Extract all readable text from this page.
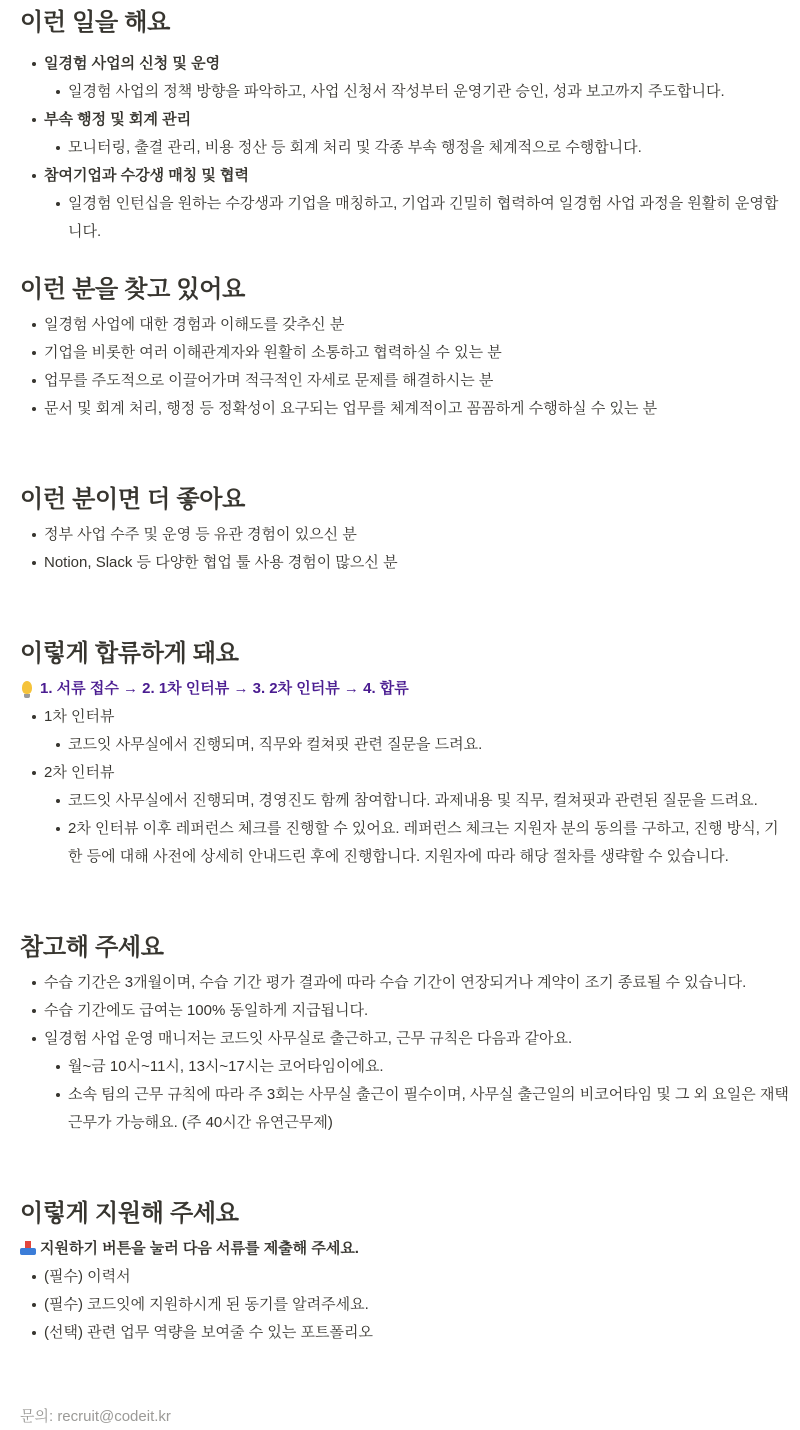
이런 일을 해요
일경험 사업의 신청 및 운영
일경험 사업의 정책 방향을 파악하고, 사업 신청서 작성부터 운영기관 승인, 성과 보고까지 주도합니다.
부속 행정 및 회계 관리
모니터링, 출결 관리, 비용 정산 등 회계 처리 및 각종 부속 행정을 체계적으로 수행합니다.
참여기업과 수강생 매칭 및 협력
일경험 인턴십을 원하는 수강생과 기업을 매칭하고, 기업과 긴밀히 협력하여 일경험 사업 과정을 원활히 운영합니다.
이런 분을 찾고 있어요
일경험 사업에 대한 경험과 이해도를 갖추신 분
기업을 비롯한 여러 이해관계자와 원활히 소통하고 협력하실 수 있는 분
업무를 주도적으로 이끌어가며 적극적인 자세로 문제를 해결하시는 분
문서 및 회계 처리, 행정 등 정확성이 요구되는 업무를 체계적이고 꼼꼼하게 수행하실 수 있는 분
이런 분이면 더 좋아요
정부 사업 수주 및 운영 등 유관 경험이 있으신 분
Notion, Slack 등 다양한 협업 툴 사용 경험이 많으신 분
이렇게 합류하게 돼요
1. 서류 접수 → 2. 1차 인터뷰 → 3. 2차 인터뷰 → 4. 합류
1차 인터뷰
코드잇 사무실에서 진행되며, 직무와 컬쳐핏 관련 질문을 드려요.
2차 인터뷰
코드잇 사무실에서 진행되며, 경영진도 함께 참여합니다. 과제내용 및 직무, 컬쳐핏과 관련된 질문을 드려요.
2차 인터뷰 이후 레퍼런스 체크를 진행할 수 있어요. 레퍼런스 체크는 지원자 분의 동의를 구하고, 진행 방식, 기한 등에 대해 사전에 상세히 안내드린 후에 진행합니다. 지원자에 따라 해당 절차를 생략할 수 있습니다.
참고해 주세요
수습 기간은 3개월이며, 수습 기간 평가 결과에 따라 수습 기간이 연장되거나 계약이 조기 종료될 수 있습니다.
수습 기간에도 급여는 100% 동일하게 지급됩니다.
일경험 사업 운영 매니저는 코드잇 사무실로 출근하고, 근무 규칙은 다음과 같아요.
월~금 10시~11시, 13시~17시는 코어타임이에요.
소속 팀의 근무 규칙에 따라 주 3회는 사무실 출근이 필수이며, 사무실 출근일의 비코어타임 및 그 외 요일은 재택근무가 가능해요. (주 40시간 유연근무제)
이렇게 지원해 주세요
지원하기 버튼을 눌러 다음 서류를 제출해 주세요.
(필수) 이력서
(필수) 코드잇에 지원하시게 된 동기를 알려주세요.
(선택) 관련 업무 역량을 보여줄 수 있는 포트폴리오
문의: recruit@codeit.kr
